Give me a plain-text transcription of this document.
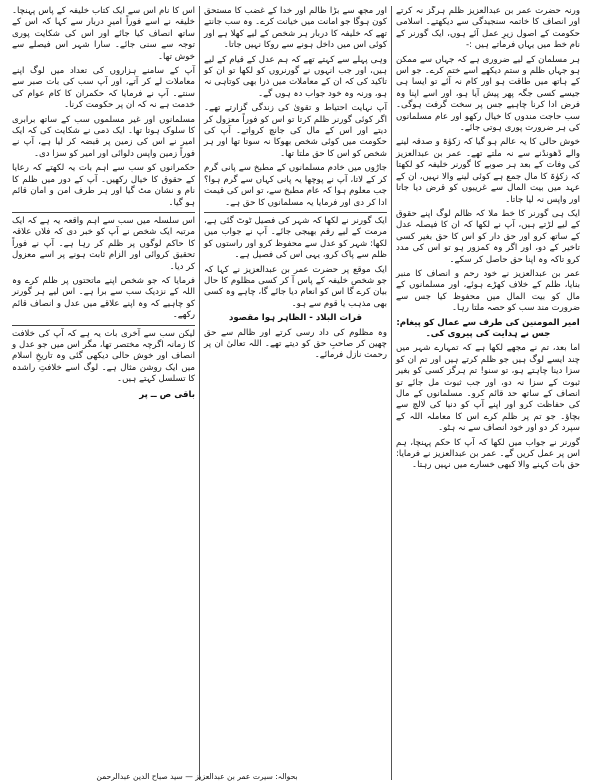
ورنہ حضرت عمر بن عبدالعزیز ظلم ہرگز نہ کرتے اور انصاف کا خاتمہ سنجیدگی سے دیکھتے۔ اسلامی حکومت کے اصول زیرِ عمل آئے ہوں، ایک گورنر کے نام خط میں یہاں فرماتے ہیں :-

ہر مسلمان کے لیے ضروری ہے کہ جہاں سے ممکن ہو جہاں ظلم و ستم دیکھے اسے ختم کرے۔ جو اس کے ہاتھ میں طاقت ہو اور کام نہ آئے تو ایسا ہی جیسے کسی جگہ پھر پیش آیا ہو، اور اسے اپنا وہ فرض ادا کرنا چاہیے جس پر سخت گرفت ہوگی۔ سب حاجت مندوں کا خیال رکھو اور عام مسلمانوں کی ہر ضرورت پوری ہوتی جائے۔

خوش حالی کا یہ عالم ہو گیا کہ زکوٰۃ و صدقہ لینے والے ڈھونڈنے سے نہ ملتے تھے۔ عمر بن عبدالعزیز کی وفات کے بعد ہر صوبے کا گورنر خلیفہ کو لکھتا کہ زکوٰۃ کا مال جمع ہے کوئی لینے والا نہیں، ان کے عہد میں بیت المال سے غریبوں کو قرض دیا جاتا اور واپس نہ لیا جاتا۔

ایک ہی گورنر کا خط ملا کہ ظالم لوگ اپنے حقوق کے لیے لڑتے ہیں، آپ نے لکھا کہ ان کا فیصلہ عدل کے ساتھ کرو اور حق دار کو اس کا حق بغیر کسی تاخیر کے دو، اور اگر وہ کمزور ہو تو اس کی مدد کرو تاکہ وہ اپنا حق حاصل کر سکے۔

عمر بن عبدالعزیز نے خود رحم و انصاف کا منبر بنایا، ظلم کے خلاف کھڑے ہوئے، اور مسلمانوں کے مال کو بیت المال میں محفوظ کیا جس سے ضرورت مند سب کو حصہ ملتا رہا۔

امیر المومنین کی طرف سے عمال کو پیغام: جس نے ہدایت کی پیروی کی۔

اما بعد، تم نے مجھے لکھا ہے کہ تمہارے شہر میں چند ایسے لوگ ہیں جو ظلم کرتے ہیں اور تم ان کو سزا دینا چاہتے ہو، تو سنو! تم ہرگز کسی کو بغیر ثبوت کے سزا نہ دو، اور جب ثبوت مل جائے تو انصاف کے ساتھ حد قائم کرو۔ مسلمانوں کے مال کی حفاظت کرو اور اپنے آپ کو دنیا کی لالچ سے بچاؤ۔ جو تم پر ظلم کرے اس کا معاملہ اللہ کے سپرد کر دو اور خود انصاف سے نہ ہٹو۔

گورنر نے جواب میں لکھا کہ آپ کا حکم پہنچا، ہم اس پر عمل کریں گے۔ عمر بن عبدالعزیز نے فرمایا: حق بات کہنے والا کبھی خسارے میں نہیں رہتا۔

اور مجھ سے بڑا ظالم اور خدا کے غضب کا مستحق کون ہوگا جو امانت میں خیانت کرے۔ وہ سب جانتے تھے کہ خلیفہ کا دربار ہر شخص کے لیے کھلا ہے اور کوئی اس میں داخل ہونے سے روکا نہیں جاتا۔

وہی پہلے سے کہتے تھے کہ ہم عدل کے قیام کے لیے ہیں، اور جب انہوں نے گورنروں کو لکھا تو ان کو تاکید کی کہ ان کے معاملات میں ذرا بھی کوتاہی نہ ہو، ورنہ وہ خود جواب دہ ہوں گے۔

آپ نہایت احتیاط و تقویٰ کی زندگی گزارتے تھے۔ اگر کوئی گورنر ظلم کرتا تو اس کو فوراً معزول کر دیتے اور اس کے مال کی جانچ کرواتے۔ آپ کی حکومت میں کوئی شخص بھوکا نہ سوتا تھا اور ہر شخص کو اس کا حق ملتا تھا۔

جاڑوں میں خادم مسلمانوں کے مطبخ سے پانی گرم کر کے لاتا، آپ نے پوچھا یہ پانی کہاں سے گرم ہوا؟ جب معلوم ہوا کہ عام مطبخ سے، تو اس کی قیمت ادا کر دی اور فرمایا یہ مسلمانوں کا حق ہے۔

ایک گورنر نے لکھا کہ شہر کی فصیل ٹوٹ گئی ہے، مرمت کے لیے رقم بھیجی جائے۔ آپ نے جواب میں لکھا: شہر کو عدل سے محفوظ کرو اور راستوں کو ظلم سے پاک کرو، یہی اس کی فصیل ہے۔

ایک موقع پر حضرت عمر بن عبدالعزیز نے کہا کہ جو شخص خلیفہ کے پاس آ کر کسی مظلوم کا حال بیان کرے گا اس کو انعام دیا جائے گا، چاہے وہ کسی بھی مذہب یا قوم سے ہو۔

قرات البلاد - الظاہر ہوا مقصود

وہ مظلوم کی داد رسی کرتے اور ظالم سے حق چھین کر صاحبِ حق کو دیتے تھے۔ اللہ تعالیٰ ان پر رحمت نازل فرمائے۔

اس کا نام اس سے ایک کتاب خلیفہ کے پاس پہنچا۔ خلیفہ نے اسے فوراً امیرِ دربار سے کہا کہ اس کے ساتھ انصاف کیا جائے اور اس کی شکایت پوری توجہ سے سنی جائے۔ سارا شہر اس فیصلے سے خوش تھا۔

آپ کے سامنے ہزاروں کی تعداد میں لوگ اپنے معاملات لے کر آتے، اور آپ سب کی بات صبر سے سنتے۔ آپ نے فرمایا کہ حکمران کا کام عوام کی خدمت ہے نہ کہ ان پر حکومت کرنا۔

مسلمانوں اور غیر مسلموں سب کے ساتھ برابری کا سلوک ہوتا تھا۔ ایک ذمی نے شکایت کی کہ ایک امیر نے اس کی زمین پر قبضہ کر لیا ہے، آپ نے فوراً زمین واپس دلوائی اور امیر کو سزا دی۔

حکمرانوں کو سب سے اہم بات یہ لکھتے کہ رعایا کے حقوق کا خیال رکھیں۔ آپ کے دور میں ظلم کا نام و نشان مٹ گیا اور ہر طرف امن و امان قائم ہو گیا۔

اس سلسلہ میں سب سے اہم واقعہ یہ ہے کہ ایک مرتبہ ایک شخص نے آپ کو خبر دی کہ فلاں علاقہ کا حاکم لوگوں پر ظلم کر رہا ہے۔ آپ نے فوراً تحقیق کروائی اور الزام ثابت ہونے پر اسے معزول کر دیا۔

فرمایا کہ جو شخص اپنے ماتحتوں پر ظلم کرے وہ اللہ کے نزدیک سب سے برا ہے۔ اس لیے ہر گورنر کو چاہیے کہ وہ اپنے علاقے میں عدل و انصاف قائم رکھے۔

لیکن سب سے آخری بات یہ ہے کہ آپ کی خلافت کا زمانہ اگرچہ مختصر تھا، مگر اس میں جو عدل و انصاف اور خوش حالی دیکھی گئی وہ تاریخِ اسلام میں ایک روشن مثال ہے۔ لوگ اسے خلافتِ راشدہ کا تسلسل کہتے ہیں۔

باقی ص ــ پر
بحوالہ: سیرت عمر بن عبدالعزیز — سید صباح الدین عبدالرحمن
